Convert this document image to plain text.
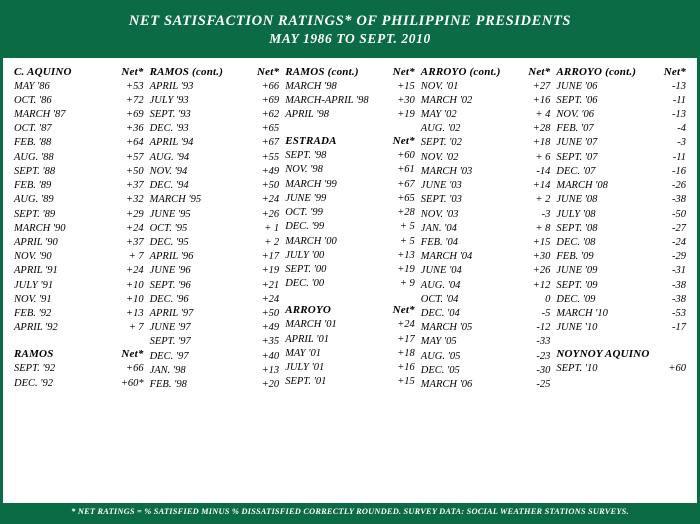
NET SATISFACTION RATINGS* OF PHILIPPINE PRESIDENTS
MAY 1986 TO SEPT. 2010
C. AQUINO	Net*
MAY '86	+53
OCT. '86	+72
MARCH '87	+69
OCT. '87	+36
FEB. '88	+64
AUG. '88	+57
SEPT. '88	+50
FEB. '89	+37
AUG. '89	+32
SEPT. '89	+29
MARCH '90	+24
APRIL '90	+37
NOV. '90	+ 7
APRIL '91	+24
JULY '91	+10
NOV. '91	+10
FEB. '92	+13
APRIL '92	+ 7
RAMOS	Net*
SEPT. '92	+66
DEC. '92	+60*
RAMOS (cont.)	Net*
APRIL '93	+66
JULY '93	+69
SEPT. '93	+62
DEC. '93	+65
APRIL '94	+67
AUG. '94	+55
NOV. '94	+49
DEC. '94	+50
MARCH '95	+24
JUNE '95	+26
OCT. '95	+ 1
DEC. '95	+ 2
APRIL '96	+17
JUNE '96	+19
SEPT. '96	+21
DEC. '96	+24
APRIL '97	+50
JUNE '97	+49
SEPT. '97	+35
DEC. '97	+40
JAN. '98	+13
FEB. '98	+20
RAMOS (cont.)	Net*
MARCH '98	+15
MARCH-APRIL '98	+30
APRIL '98	+19
ESTRADA	Net*
SEPT. '98	+60
NOV. '98	+61
MARCH '99	+67
JUNE '99	+65
OCT. '99	+28
DEC. '99	+ 5
MARCH '00	+ 5
JULY '00	+13
SEPT. '00	+19
DEC. '00	+ 9
ARROYO	Net*
MARCH '01	+24
APRIL '01	+17
MAY '01	+18
JULY '01	+16
SEPT. '01	+15
ARROYO (cont.)	Net*
NOV. '01	+27
MARCH '02	+16
MAY '02	+ 4
AUG. '02	+28
SEPT. '02	+18
NOV. '02	+ 6
MARCH '03	-14
JUNE '03	+14
SEPT. '03	+ 2
NOV. '03	-3
JAN. '04	+ 8
FEB. '04	+15
MARCH '04	+30
JUNE '04	+26
AUG. '04	+12
OCT. '04	0
DEC. '04	-5
MARCH '05	-12
MAY '05	-33
AUG. '05	-23
DEC. '05	-30
MARCH '06	-25
ARROYO (cont.)	Net*
JUNE '06	-13
SEPT. '06	-11
NOV. '06	-13
FEB. '07	-4
JUNE '07	-3
SEPT. '07	-11
DEC. '07	-16
MARCH '08	-26
JUNE '08	-38
JULY '08	-50
SEPT. '08	-27
DEC. '08	-24
FEB. '09	-29
JUNE '09	-31
SEPT. '09	-38
DEC. '09	-38
MARCH '10	-53
JUNE '10	-17
NOYNOY AQUINO
SEPT. '10	+60
* NET RATINGS = % SATISFIED MINUS % DISSATISFIED CORRECTLY ROUNDED. SURVEY DATA: SOCIAL WEATHER STATIONS SURVEYS.
